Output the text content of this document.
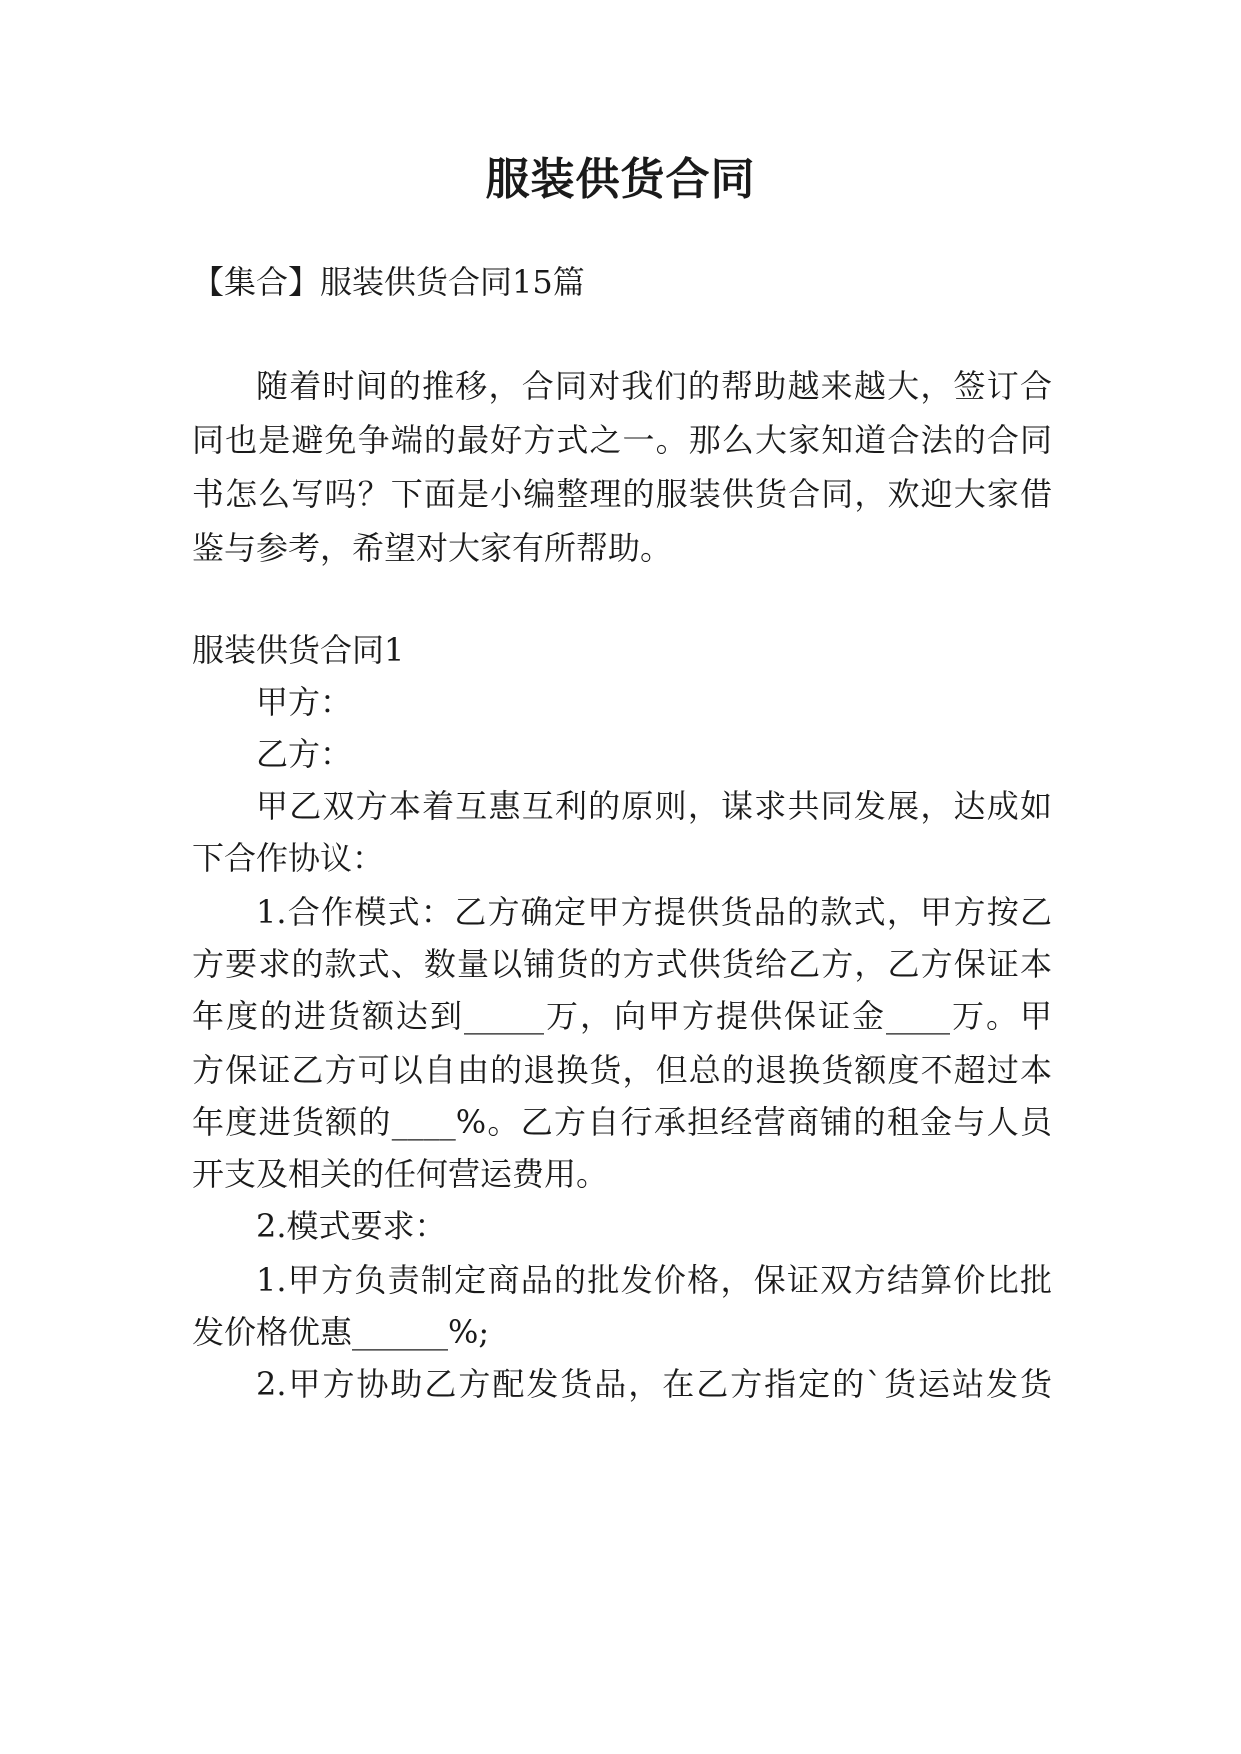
服装供货合同
【集合】服装供货合同15篇
随着时间的推移，合同对我们的帮助越来越大，签订合
同也是避免争端的最好方式之一。那么大家知道合法的合同
书怎么写吗？下面是小编整理的服装供货合同，欢迎大家借
鉴与参考，希望对大家有所帮助。
服装供货合同1
甲方：
乙方：
甲乙双方本着互惠互利的原则，谋求共同发展，达成如
下合作协议：
1.合作模式：乙方确定甲方提供货品的款式，甲方按乙
方要求的款式、数量以铺货的方式供货给乙方，乙方保证本
年度的进货额达到_____万，向甲方提供保证金____万。甲
方保证乙方可以自由的退换货，但总的退换货额度不超过本
年度进货额的____%。乙方自行承担经营商铺的租金与人员
开支及相关的任何营运费用。
2.模式要求：
1.甲方负责制定商品的批发价格，保证双方结算价比批
发价格优惠______%;
2.甲方协助乙方配发货品，在乙方指定的`货运站发货
